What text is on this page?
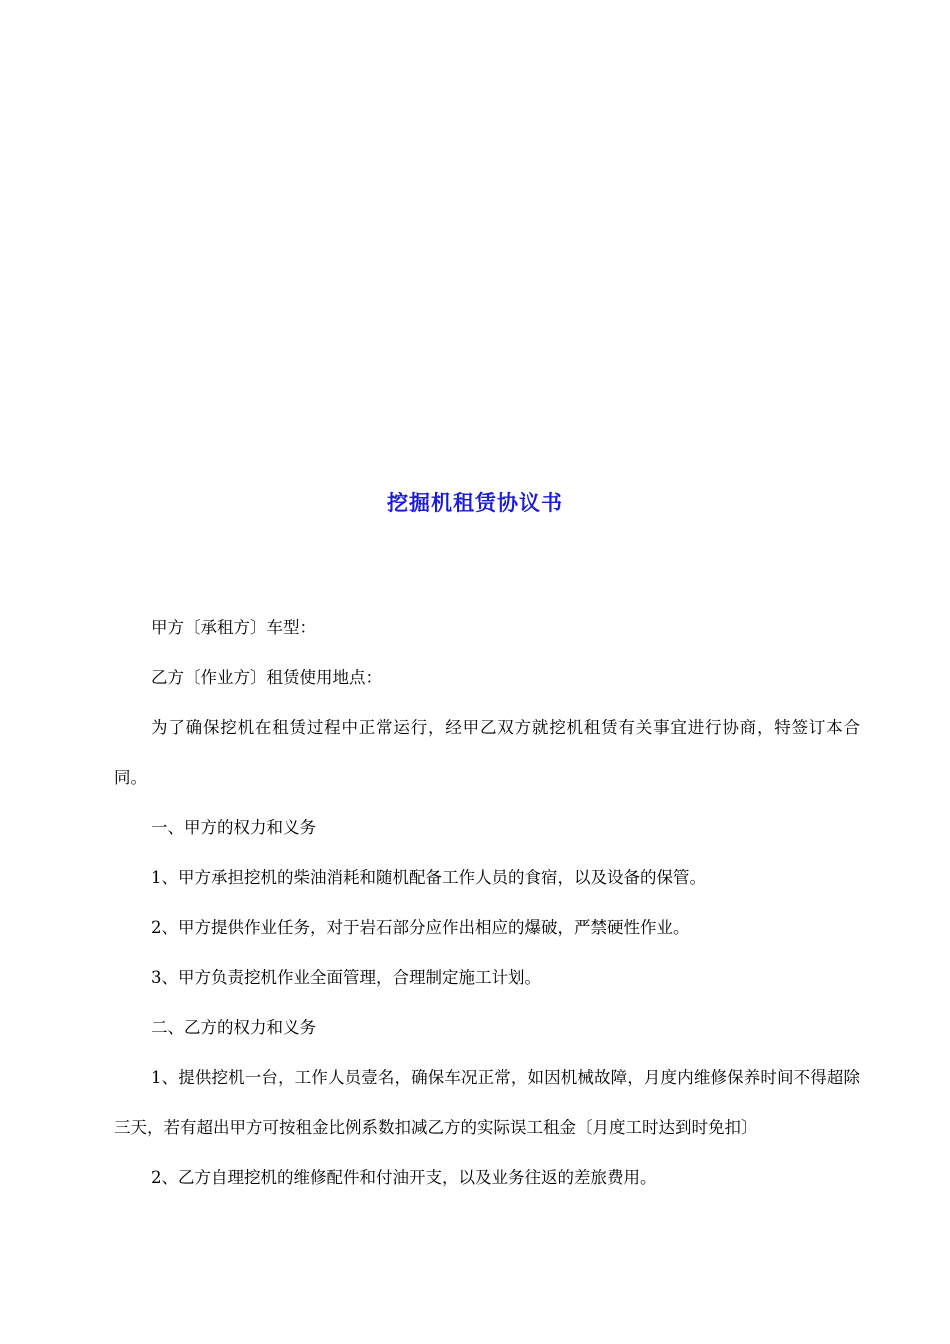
挖掘机租赁协议书

甲方〔承租方〕车型：

乙方〔作业方〕租赁使用地点：

为了确保挖机在租赁过程中正常运行，经甲乙双方就挖机租赁有关事宜进行协商，特签订本合同。

一、甲方的权力和义务

1、甲方承担挖机的柴油消耗和随机配备工作人员的食宿，以及设备的保管。

2、甲方提供作业任务，对于岩石部分应作出相应的爆破，严禁硬性作业。

3、甲方负责挖机作业全面管理，合理制定施工计划。

二、乙方的权力和义务

1、提供挖机一台，工作人员壹名，确保车况正常，如因机械故障，月度内维修保养时间不得超除三天，若有超出甲方可按租金比例系数扣减乙方的实际误工租金〔月度工时达到时免扣〕

2、乙方自理挖机的维修配件和付油开支，以及业务往返的差旅费用。
